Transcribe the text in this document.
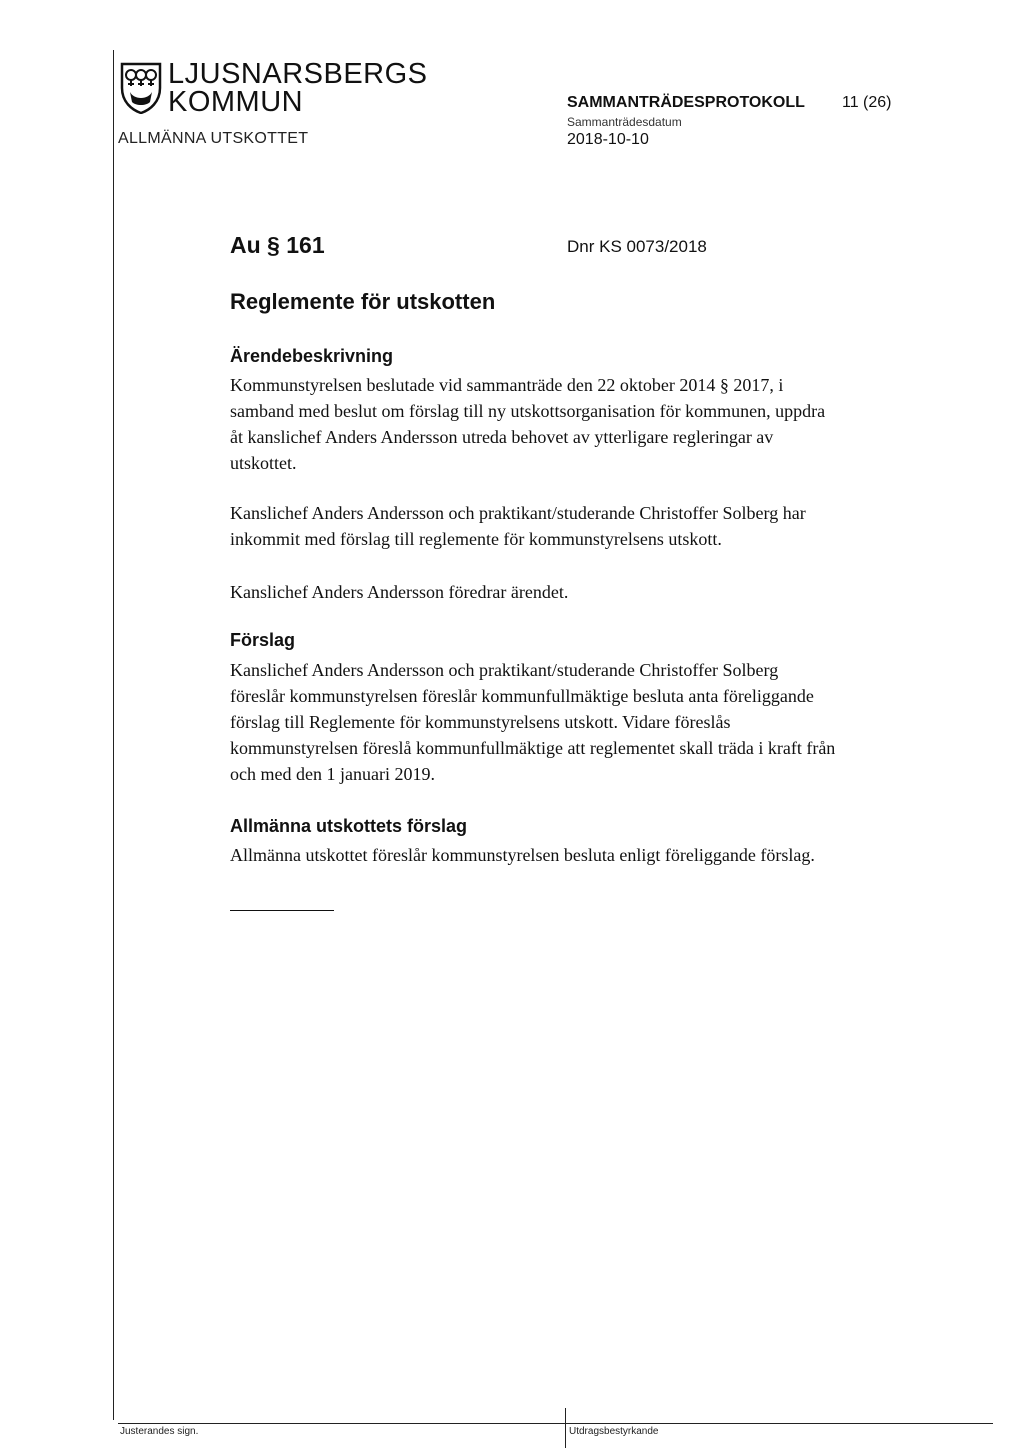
LJUSNARSBERGS
KOMMUN
ALLMÄNNA UTSKOTTET
SAMMANTRÄDESPROTOKOLL 11 (26)
Sammanträdesdatum
2018-10-10
Au § 161	Dnr KS 0073/2018
Reglemente för utskotten
Ärendebeskrivning

Kommunstyrelsen beslutade vid sammanträde den 22 oktober 2014 § 2017, i
samband med beslut om förslag till ny utskottsorganisation för kommunen, uppdra
åt kanslichef Anders Andersson utreda behovet av ytterligare regleringar av
utskottet.

Kanslichef Anders Andersson och praktikant/studerande Christoffer Solberg har
inkommit med förslag till reglemente för kommunstyrelsens utskott.

Kanslichef Anders Andersson föredrar ärendet.

Förslag

Kanslichef Anders Andersson och praktikant/studerande Christoffer Solberg
föreslår kommunstyrelsen föreslår kommunfullmäktige besluta anta föreliggande
förslag till Reglemente för kommunstyrelsens utskott. Vidare föreslås
kommunstyrelsen föreslå kommunfullmäktige att reglementet skall träda i kraft från
och med den 1 januari 2019.

Allmänna utskottets förslag

Allmänna utskottet föreslår kommunstyrelsen besluta enligt föreliggande förslag.

Justerandes sign.	Utdragsbestyrkande
